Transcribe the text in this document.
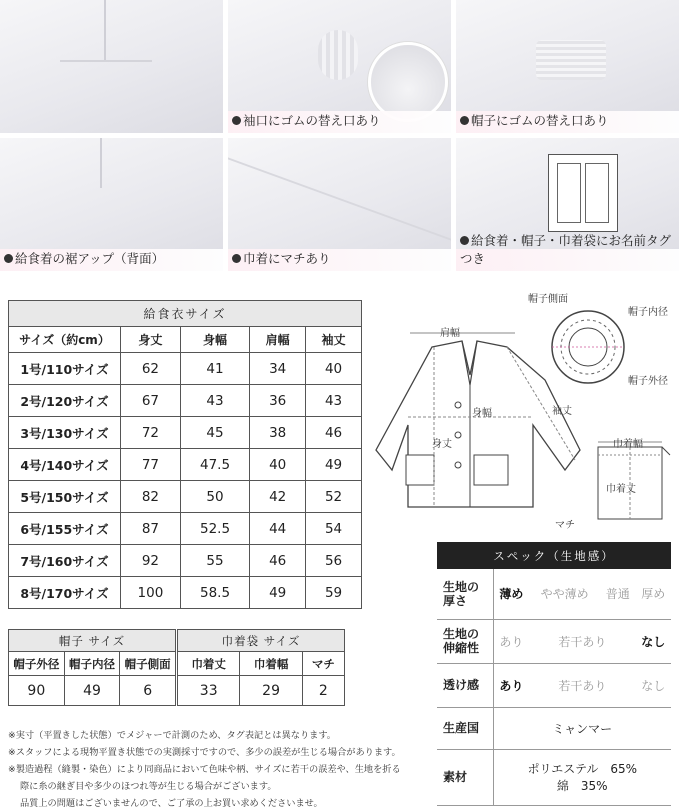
袖口にゴムの替え口あり	帽子にゴムの替え口あり
給食着の裾アップ（背面）	巾着にマチあり
給食着・帽子・巾着袋にお名前タグつき
給食衣サイズ				
サイズ（約cm）	身丈	身幅	肩幅	袖丈
1号/110サイズ	62	41	34	40
2号/120サイズ	67	43	36	43
3号/130サイズ	72	45	38	46
4号/140サイズ	77	47.5	40	49
5号/150サイズ	82	50	42	52
6号/155サイズ	87	52.5	44	54
7号/160サイズ	92	55	46	56
8号/170サイズ	100	58.5	49	59
帽子 サイズ		
帽子外径	帽子内径	帽子側面
90	49	6
巾着袋 サイズ		
巾着丈	巾着幅	マチ
33	29	2
※実寸（平置きした状態）でメジャーで計測のため、タグ表記とは異なります。
※スタッフによる現物平置き状態での実測採寸ですので、多少の誤差が生じる場合があります。
※製造過程（縫製・染色）により同商品において色味や柄、サイズに若干の誤差や、生地を折る
際に糸の継ぎ目や多少のほつれ等が生じる場合がございます。
品質上の問題はございませんので、ご了承の上お買い求めくださいませ。
肩幅
身幅
身丈
袖丈
帽子側面
帽子内径
帽子外径
巾着幅
巾着丈
マチ
スペック（生地感）				
生地の
厚さ	薄め	やや薄め	普通	厚め
生地の
伸縮性	あり	若干あり		なし
透け感	あり	若干あり		なし
生産国	ミャンマー			
素材	ポリエステル　65%
綿　35%			
